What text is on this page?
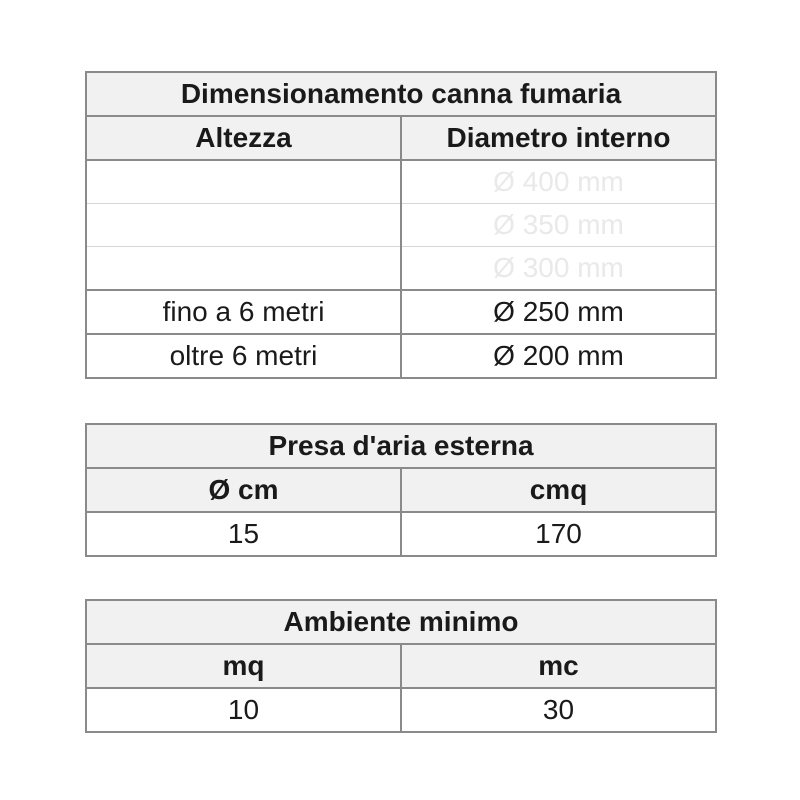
Dimensionamento canna fumaria	
Altezza	Diametro interno
	Ø 400 mm
	Ø 350 mm
	Ø 300 mm
fino a 6 metri	Ø 250 mm
oltre 6 metri	Ø 200 mm
Presa d'aria esterna	
Ø cm	cmq
15	170
Ambiente minimo	
mq	mc
10	30
